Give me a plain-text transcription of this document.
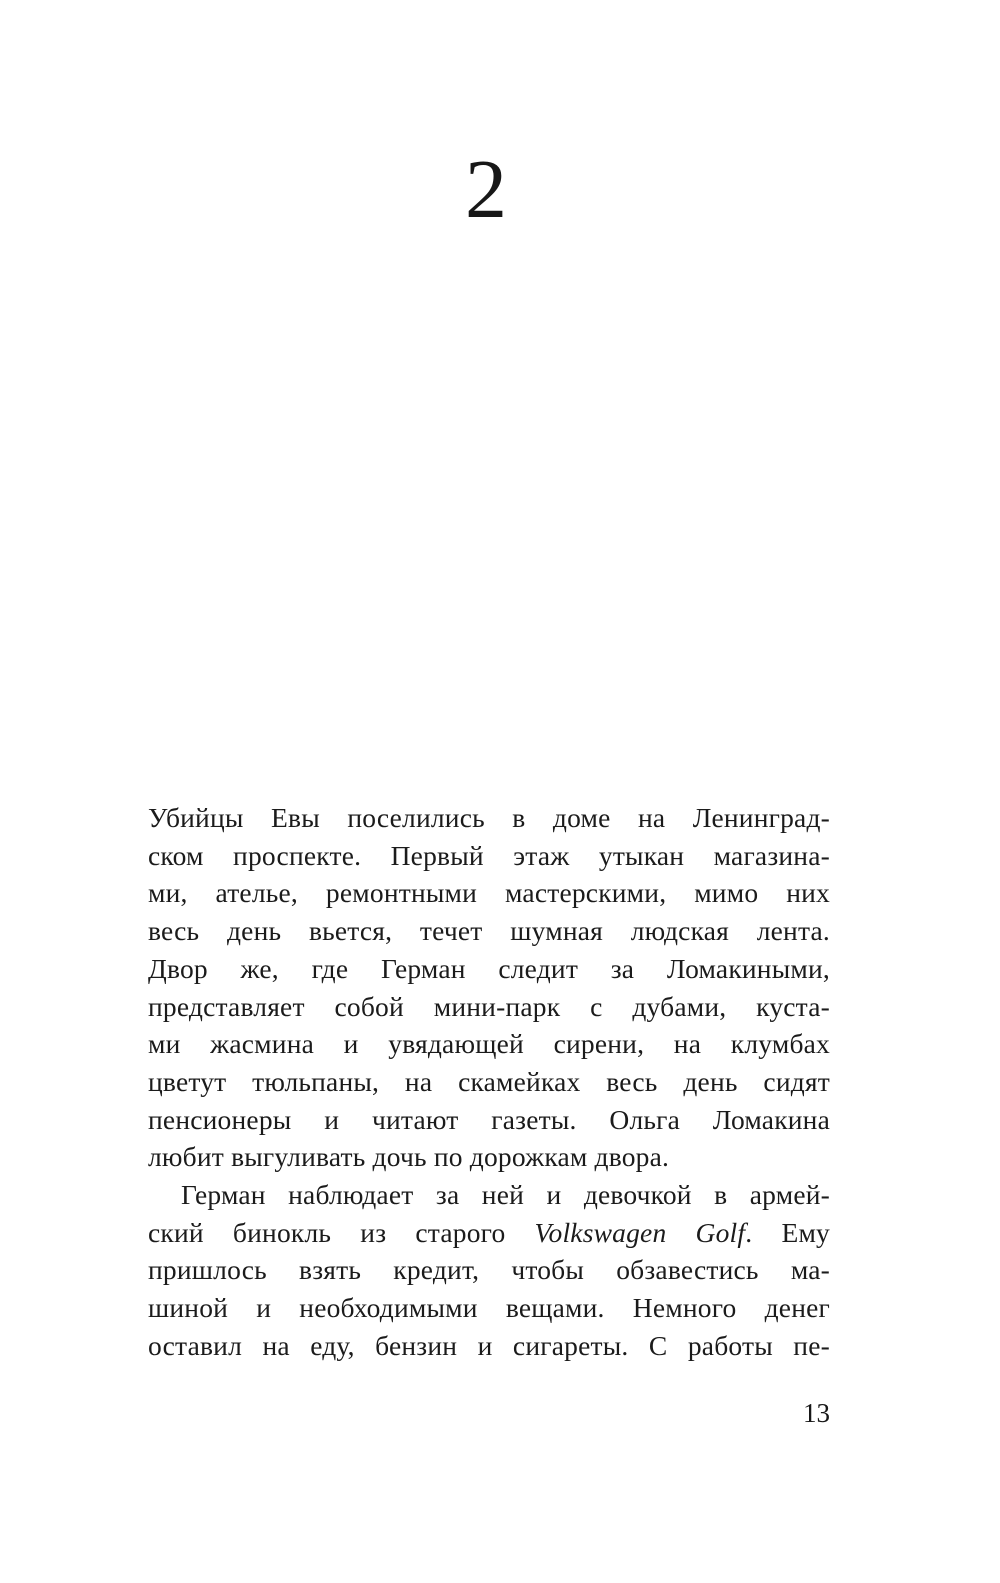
2
Убийцы Евы поселились в доме на Ленинград-
ском проспекте. Первый этаж утыкан магазина-
ми, ателье, ремонтными мастерскими, мимо них
весь день вьется, течет шумная людская лента.
Двор же, где Герман следит за Ломакиными,
представляет собой мини-парк с дубами, куста-
ми жасмина и увядающей сирени, на клумбах
цветут тюльпаны, на скамейках весь день сидят
пенсионеры и читают газеты. Ольга Ломакина
любит выгуливать дочь по дорожкам двора.
Герман наблюдает за ней и девочкой в армей-
ский бинокль из старого Volkswagen Golf. Ему
пришлось взять кредит, чтобы обзавестись ма-
шиной и необходимыми вещами. Немного денег
оставил на еду, бензин и сигареты. С работы пе-
13
